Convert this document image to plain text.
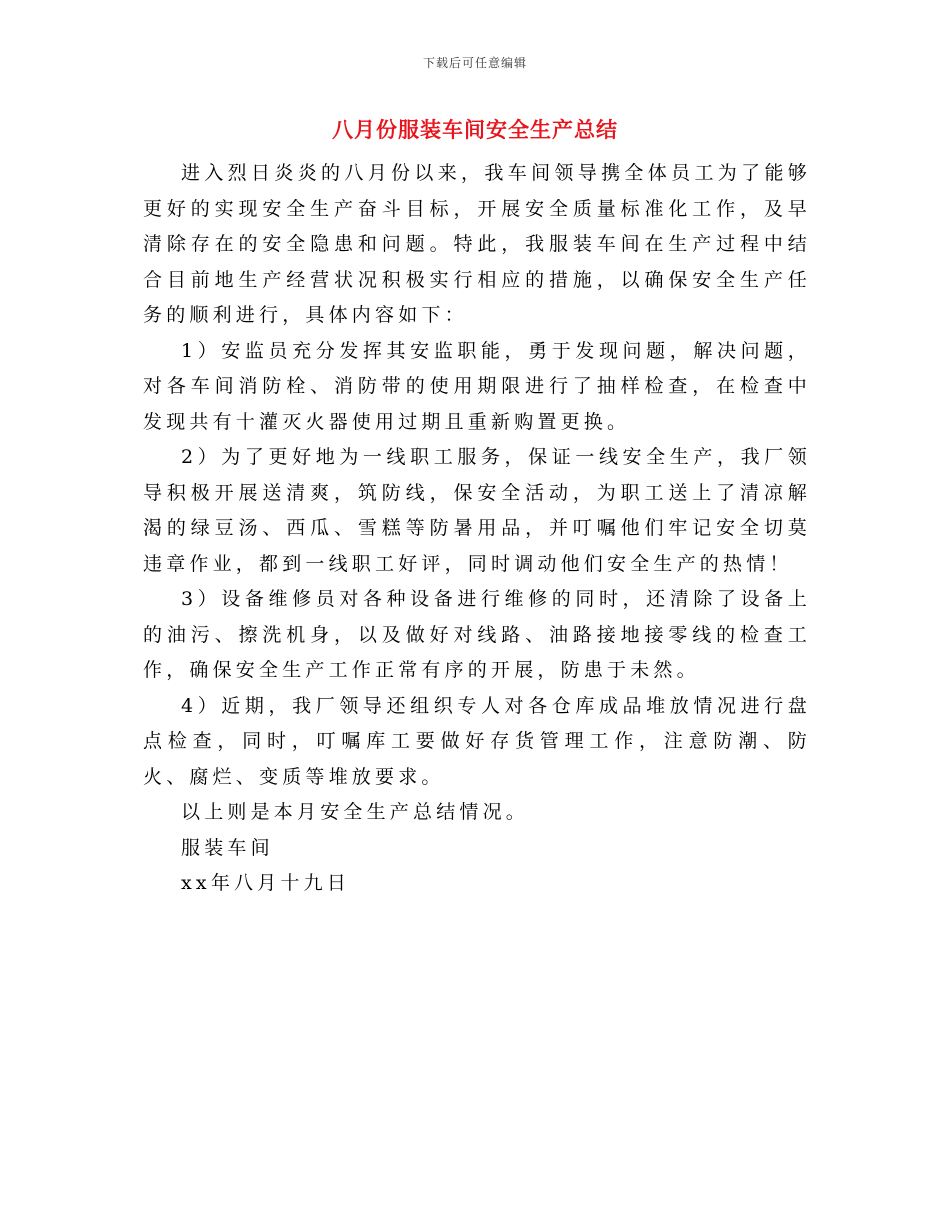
下载后可任意编辑
八月份服装车间安全生产总结

进入烈日炎炎的八月份以来，我车间领导携全体员工为了能够更好的实现安全生产奋斗目标，开展安全质量标准化工作，及早清除存在的安全隐患和问题。特此，我服装车间在生产过程中结合目前地生产经营状况积极实行相应的措施，以确保安全生产任务的顺利进行，具体内容如下：

1）安监员充分发挥其安监职能，勇于发现问题，解决问题，对各车间消防栓、消防带的使用期限进行了抽样检查，在检查中发现共有十灌灭火器使用过期且重新购置更换。

2）为了更好地为一线职工服务，保证一线安全生产，我厂领导积极开展送清爽，筑防线，保安全活动，为职工送上了清凉解渴的绿豆汤、西瓜、雪糕等防暑用品，并叮嘱他们牢记安全切莫违章作业，都到一线职工好评，同时调动他们安全生产的热情！

3）设备维修员对各种设备进行维修的同时，还清除了设备上的油污、擦洗机身，以及做好对线路、油路接地接零线的检查工作，确保安全生产工作正常有序的开展，防患于未然。

4）近期，我厂领导还组织专人对各仓库成品堆放情况进行盘点检查，同时，叮嘱库工要做好存货管理工作，注意防潮、防火、腐烂、变质等堆放要求。

以上则是本月安全生产总结情况。
服装车间
xx年八月十九日
